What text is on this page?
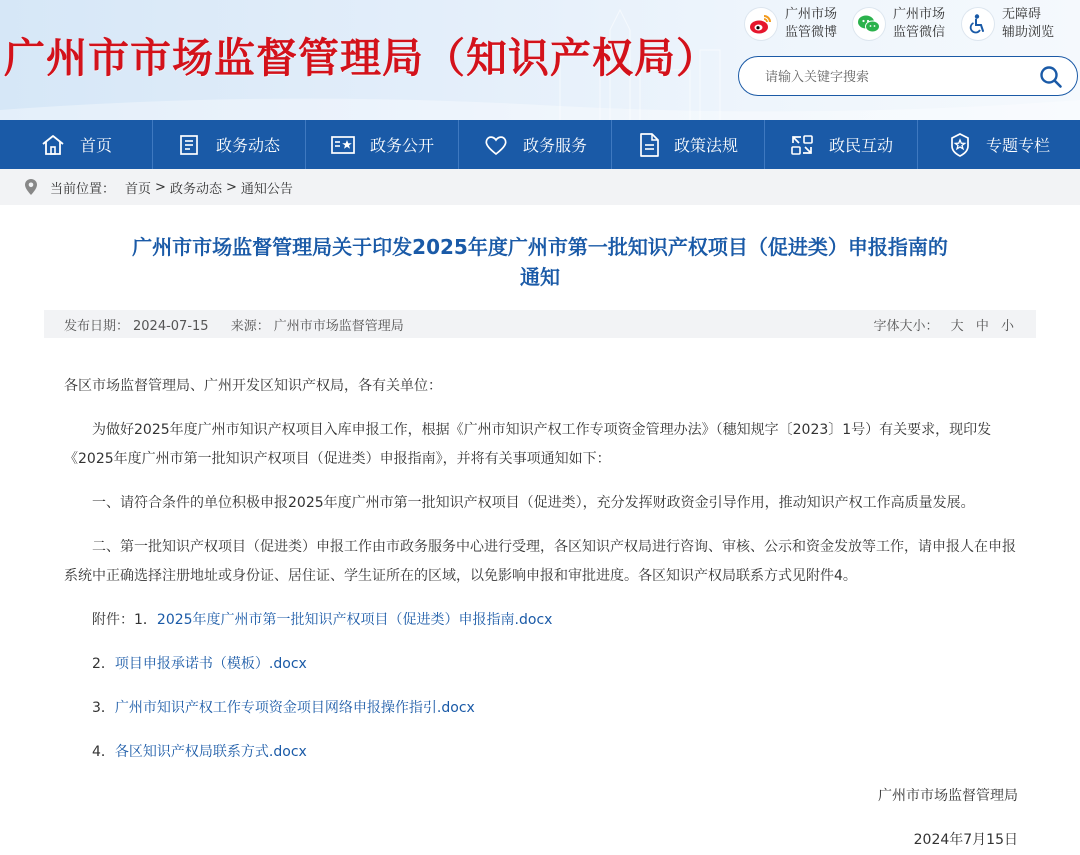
广州市市场监督管理局（知识产权局）
广州市场
监管微博
广州市场
监管微信
无障碍
辅助浏览
请输入关键字搜索
首页	政务动态	政务公开	政务服务	政策法规	政民互动	专题专栏
当前位置： 首页 > 政务动态 > 通知公告
广州市市场监督管理局关于印发2025年度广州市第一批知识产权项目（促进类）申报指南的
通知
发布日期： 2024-07-15 来源： 广州市市场监督管理局	字体大小： 大 中 小
各区市场监督管理局、广州开发区知识产权局，各有关单位：
为做好2025年度广州市知识产权项目入库申报工作，根据《广州市知识产权工作专项资金管理办法》（穗知规字〔2023〕1号）有关要求，现印发《2025年度广州市第一批知识产权项目（促进类）申报指南》，并将有关事项通知如下：
一、请符合条件的单位积极申报2025年度广州市第一批知识产权项目（促进类），充分发挥财政资金引导作用，推动知识产权工作高质量发展。
二、第一批知识产权项目（促进类）申报工作由市政务服务中心进行受理，各区知识产权局进行咨询、审核、公示和资金发放等工作，请申报人在申报系统中正确选择注册地址或身份证、居住证、学生证所在的区域，以免影响申报和审批进度。各区知识产权局联系方式见附件4。
附件：1．2025年度广州市第一批知识产权项目（促进类）申报指南.docx
2．项目申报承诺书（模板）.docx
3．广州市知识产权工作专项资金项目网络申报操作指引.docx
4．各区知识产权局联系方式.docx
广州市市场监督管理局
2024年7月15日
